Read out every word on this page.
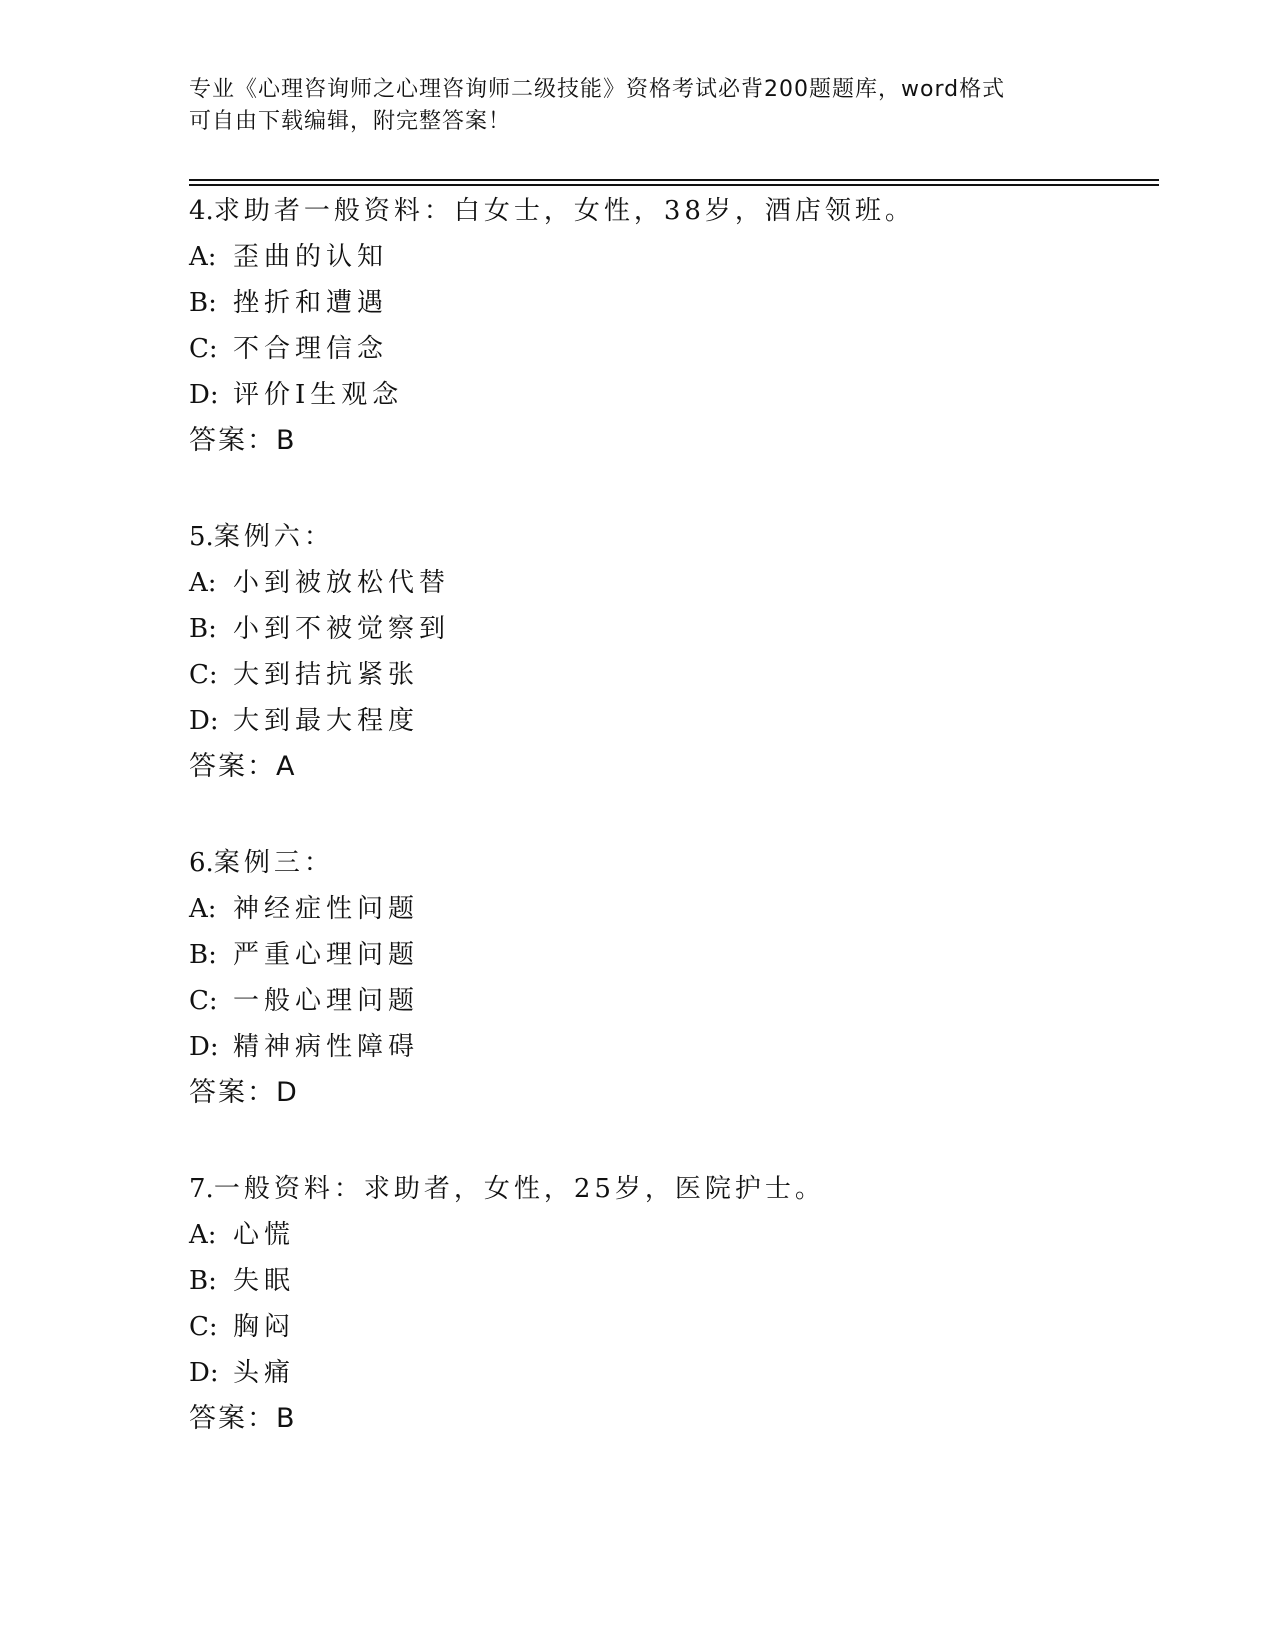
专业《心理咨询师之心理咨询师二级技能》资格考试必背200题题库，word格式
可自由下载编辑，附完整答案！
4.求助者一般资料：白女士，女性，38岁，酒店领班。
A: 歪曲的认知
B: 挫折和遭遇
C: 不合理信念
D: 评价I生观念
答案：B
5.案例六：
A: 小到被放松代替
B: 小到不被觉察到
C: 大到拮抗紧张
D: 大到最大程度
答案：A
6.案例三：
A: 神经症性问题
B: 严重心理问题
C: 一般心理问题
D: 精神病性障碍
答案：D
7.一般资料：求助者，女性，25岁，医院护士。
A: 心慌
B: 失眠
C: 胸闷
D: 头痛
答案：B
